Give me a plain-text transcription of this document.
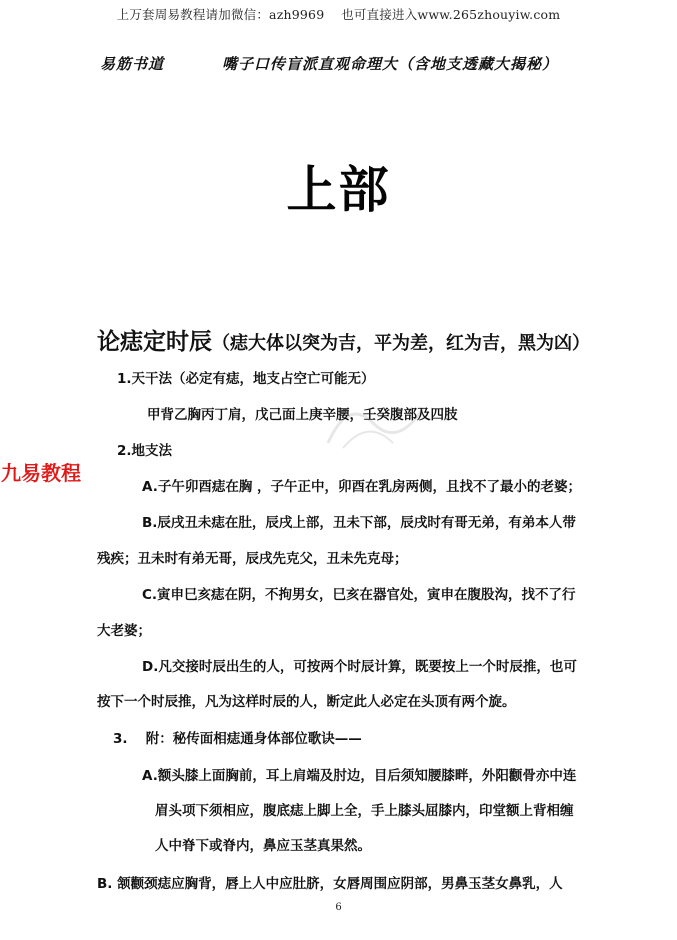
上万套周易教程请加微信：azh9969　 也可直接进入www.265zhouyiw.com
易筋书道	嘴子口传盲派直观命理大（含地支透藏大揭秘）
上部
论痣定时辰（痣大体以突为吉，平为差，红为吉，黑为凶）
1.天干法（必定有痣，地支占空亡可能无）
甲背乙胸丙丁肩，戊己面上庚辛腰，壬癸腹部及四肢
2.地支法
A.子午卯酉痣在胸 ，子午正中，卯酉在乳房两侧，且找不了最小的老婆；
B.辰戌丑未痣在肚，辰戌上部，丑未下部，辰戌时有哥无弟，有弟本人带
残疾；丑未时有弟无哥，辰戌先克父，丑未先克母；
C.寅申巳亥痣在阴，不拘男女，巳亥在器官处，寅申在腹股沟，找不了行
大老婆；
D.凡交接时辰出生的人，可按两个时辰计算，既要按上一个时辰推，也可
按下一个时辰推，凡为这样时辰的人，断定此人必定在头顶有两个旋。
3.　 附：秘传面相痣通身体部位歌诀——
A.额头膝上面胸前，耳上肩端及肘边，目后须知腰膝畔，外阳颧骨亦中连
眉头项下须相应，腹底痣上脚上全，手上膝头屈膝内，印堂额上背相缠
人中脊下或脊内，鼻应玉茎真果然。
B. 颔颧颈痣应胸背，唇上人中应肚脐，女唇周围应阴部，男鼻玉茎女鼻乳，人
九易教程
6
